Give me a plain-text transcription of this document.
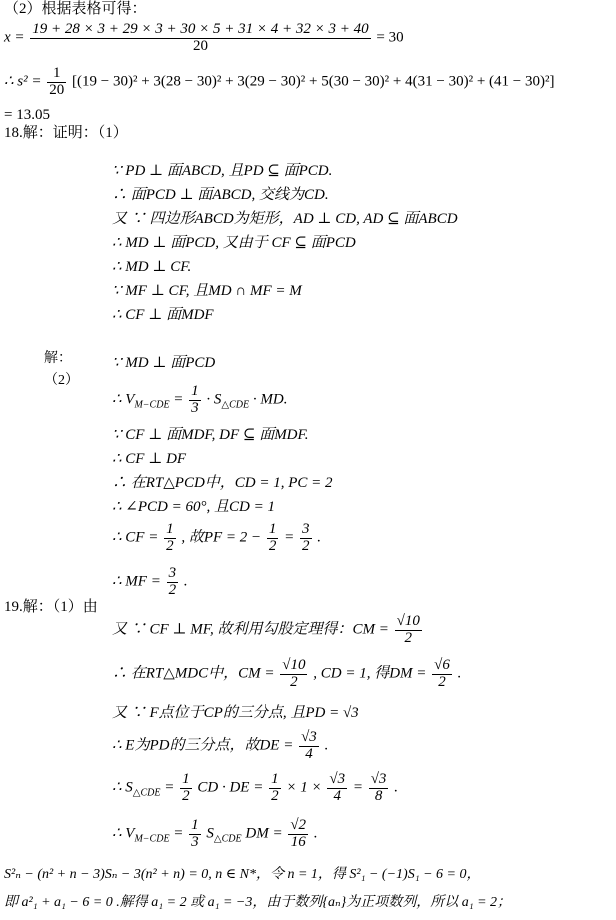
（2）根据表格可得：
$x = \frac{19 + 28 \times 3 + 29 \times 3 + 30 \times 5 + 31 \times 4 + 32 \times 3 + 40}{20} = 30$
∴ $s^2 = \frac{1}{20} [(19 - 30)^2 + 3(28 - 30)^2 + 3(29 - 30)^2 + 5(30 - 30)^2 + 4(31 - 30)^2 + (41 - 30)^2]$
= 13.05
18.解：证明：（1）
∵ PD ⊥ 面ABCD, 且PD ⊆ 面PCD.
∴ 面PCD ⊥ 面ABCD, 交线为CD.
又 ∵ 四边形ABCD为矩形，AD ⊥ CD, AD ⊆ 面ABCD
∴ MD ⊥ 面PCD, 又由于 CF ⊆ 面PCD
∴ MD ⊥ CF.
∵ MF ⊥ CF, 且MD ∩ MF = M
∴ CF ⊥ 面MDF
解：
（2）
∵ MD ⊥ 面PCD
∴ $V_{M-CDE} = \frac{1}{3} \cdot S_{\triangle CDE}$ · MD.
∵ CF ⊥ 面MDF, DF ⊆ 面MDF.
∴ CF ⊥ DF
∴ 在RT△PCD中，CD = 1, PC = 2
∴ ∠PCD = 60°, 且CD = 1
∴ CF = $\frac{1}{2}$ , 故PF = $2 - \frac{1}{2} = \frac{3}{2}$ .
∴ MF = $\frac{3}{2}$ .
19.解：（1）由
又 ∵ CF ⊥ MF, 故利用勾股定理得：CM = $\frac{√10}{2}$
∴ 在RT△MDC中，CM = $\frac{√10}{2}$ , CD = 1, 得DM = $\frac{√6}{2}$ .
又 ∵ F点位于CP的三分点, 且PD = √3
∴ E为PD的三分点，故DE = $\frac{√3}{4}$ .
∴ $S_{\triangle CDE} = \frac{1}{2}$ CD · DE = $\frac{1}{2} \times 1 \times \frac{√3}{4} = \frac{√3}{8}$ .
∴ $V_{M-CDE} = \frac{1}{3} S_{\triangle CDE}$ DM = $\frac{√2}{16}$ .
S²ₙ − (n² + n − 3)Sₙ − 3(n² + n) = 0, n ∈ N*，令 n = 1，得 S²₁ − (−1)S₁ − 6 = 0，
即 a²₁ + a₁ − 6 = 0 .解得 a₁ = 2 或 a₁ = −3，由于数列{aₙ}为正项数列，所以 a₁ = 2；
